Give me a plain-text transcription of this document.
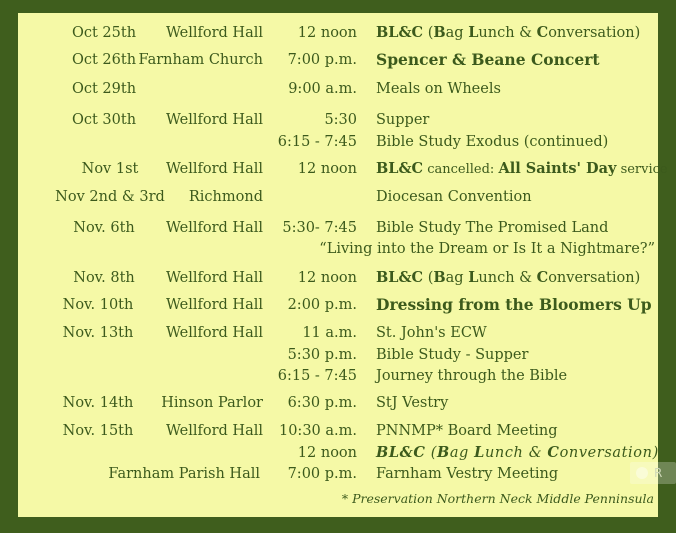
* Preservation Northern Neck Middle Penninsula
R
Oct 25th	Wellford Hall 12 noon BL&C (Bag Lunch & Conversation)
Oct 26th Farnham Church 7:00 p.m. Spencer & Beane Concert
Oct 29th	9:00 a.m. Meals on Wheels
Oct 30th	Wellford Hall	5:30 Supper
6:15 - 7:45 Bible Study Exodus (continued)
Nov 1st	Wellford Hall 12 noon BL&C cancelled: All Saints' Day service
Nov 2nd & 3rd	Richmond	Diocesan Convention
Nov. 6th	Wellford Hall 5:30- 7:45 Bible Study The Promised Land
“Living into the Dream or Is It a Nightmare?”
Nov. 8th	Wellford Hall 12 noon BL&C (Bag Lunch & Conversation)
Nov. 10th	Wellford Hall 2:00 p.m. Dressing from the Bloomers Up
Nov. 13th	Wellford Hall	11 a.m. St. John's ECW
5:30 p.m. Bible Study - Supper
6:15 - 7:45 Journey through the Bible
Nov. 14th	Hinson Parlor 6:30 p.m. StJ Vestry
Nov. 15th	Wellford Hall 10:30 a.m. PNNMP* Board Meeting
12 noon BL&C (Bag Lunch & Conversation)
Farnham Parish Hall 7:00 p.m. Farnham Vestry Meeting
